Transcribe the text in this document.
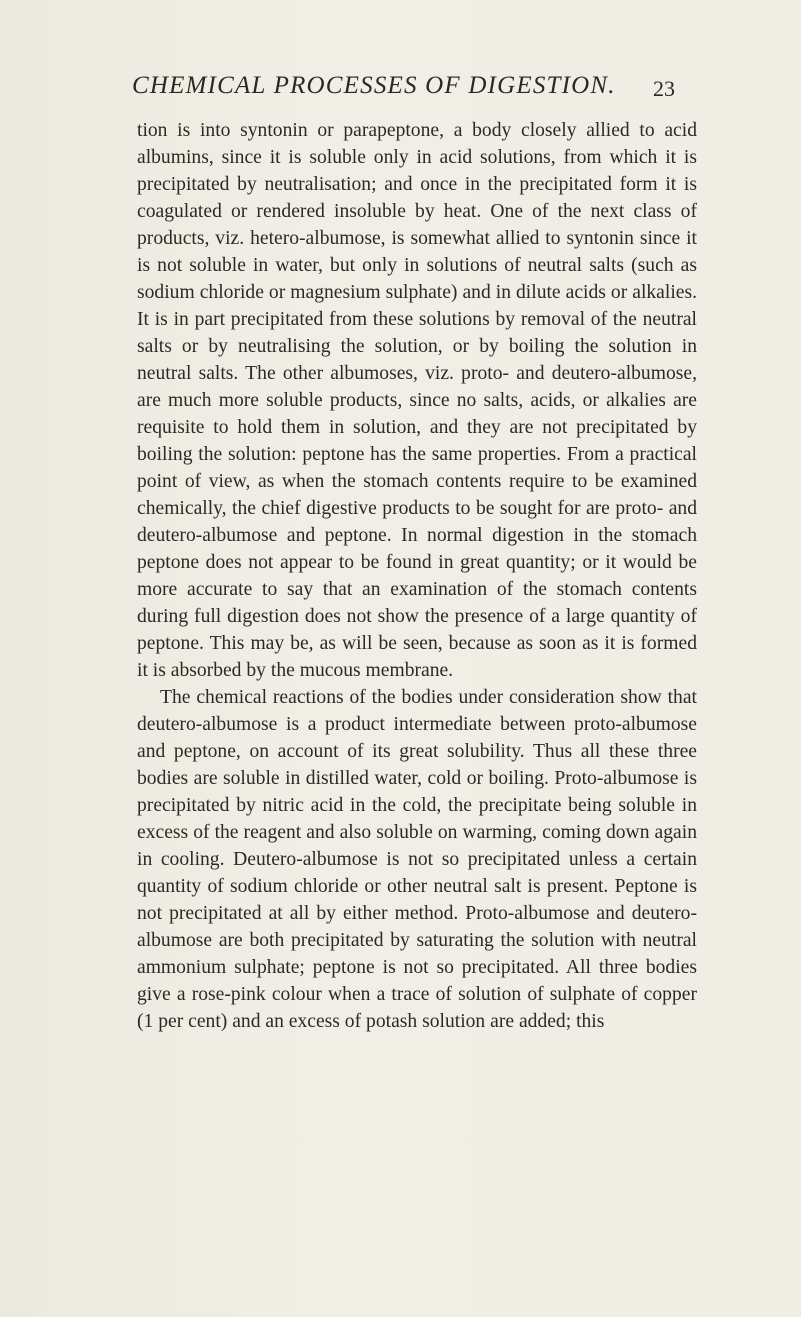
CHEMICAL PROCESSES OF DIGESTION. 23

tion is into syntonin or parapeptone, a body closely allied to acid albumins, since it is soluble only in acid solutions, from which it is precipitated by neutralisation; and once in the precipitated form it is coagulated or rendered insoluble by heat. One of the next class of products, viz. hetero-albumose, is somewhat allied to syntonin since it is not soluble in water, but only in solutions of neutral salts (such as sodium chloride or magnesium sulphate) and in dilute acids or alkalies. It is in part precipitated from these solutions by removal of the neutral salts or by neutralising the solution, or by boiling the solution in neutral salts. The other albumoses, viz. proto- and deutero-albumose, are much more soluble products, since no salts, acids, or alkalies are requisite to hold them in solution, and they are not precipitated by boiling the solution: peptone has the same properties. From a practical point of view, as when the stomach contents require to be examined chemically, the chief digestive products to be sought for are proto- and deutero-albumose and peptone. In normal digestion in the stomach peptone does not appear to be found in great quantity; or it would be more accurate to say that an examination of the stomach contents during full digestion does not show the presence of a large quantity of peptone. This may be, as will be seen, because as soon as it is formed it is absorbed by the mucous membrane.

The chemical reactions of the bodies under consideration show that deutero-albumose is a product intermediate between proto-albumose and peptone, on account of its great solubility. Thus all these three bodies are soluble in distilled water, cold or boiling. Proto-albumose is precipitated by nitric acid in the cold, the precipitate being soluble in excess of the reagent and also soluble on warming, coming down again in cooling. Deutero-albumose is not so precipitated unless a certain quantity of sodium chloride or other neutral salt is present. Peptone is not precipitated at all by either method. Proto-albumose and deutero-albumose are both precipitated by saturating the solution with neutral ammonium sulphate; peptone is not so precipitated. All three bodies give a rose-pink colour when a trace of solution of sulphate of copper (1 per cent) and an excess of potash solution are added; this
